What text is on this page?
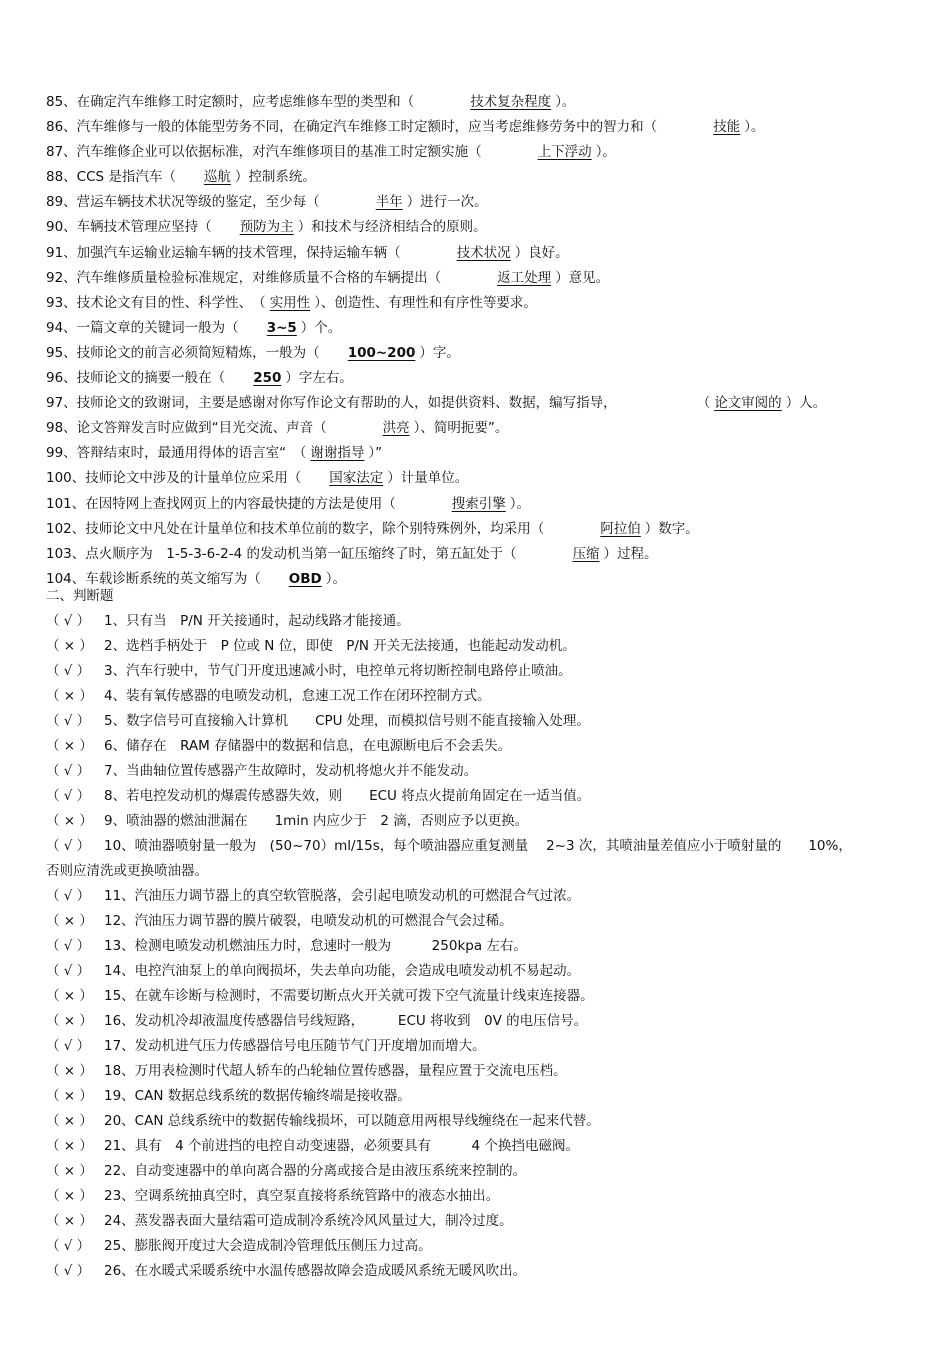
85、在确定汽车维修工时定额时，应考虑维修车型的类型和（	技术复杂程度 ）。
86、汽车维修与一般的体能型劳务不同，在确定汽车维修工时定额时，应当考虑维修劳务中的智力和（	技能 ）。
87、汽车维修企业可以依据标准，对汽车维修项目的基准工时定额实施（	上下浮动 ）。
88、CCS 是指汽车（ 巡航 ）控制系统。
89、营运车辆技术状况等级的鉴定，至少每（	半年 ）进行一次。
90、车辆技术管理应坚持（ 预防为主 ）和技术与经济相结合的原则。
91、加强汽车运输业运输车辆的技术管理，保持运输车辆（	技术状况 ）良好。
92、汽车维修质量检验标准规定，对维修质量不合格的车辆提出（	返工处理 ）意见。
93、技术论文有目的性、科学性、　（ 实用性 ）、创造性、有理性和有序性等要求。
94、一篇文章的关键词一般为（ 3~5 ）个。
95、技师论文的前言必须简短精炼，一般为（ 100~200 ）字。
96、技师论文的摘要一般在（ 250 ）字左右。
97、技师论文的致谢词，主要是感谢对你写作论文有帮助的人，如提供资料、数据，编写指导，	（ 论文审阅的 ）人。
98、论文答辩发言时应做到“目光交流、声音（	洪亮 ）、简明扼要”。
99、答辩结束时，最通用得体的语言室“　（ 谢谢指导 ）”
100、技师论文中涉及的计量单位应采用（ 国家法定 ）计量单位。
101、在因特网上查找网页上的内容最快捷的方法是使用（	搜索引擎 ）。
102、技师论文中凡处在计量单位和技术单位前的数字，除个别特殊例外，均采用（	阿拉伯 ）数字。
103、点火顺序为　1-5-3-6-2-4 的发动机当第一缸压缩终了时，第五缸处于（	压缩 ）过程。
104、车载诊断系统的英文缩写为（ OBD ）。
二、判断题
（ √ ） 1、只有当　P/N 开关接通时，起动线路才能接通。
（ × ） 2、选档手柄处于　P 位或 N 位，即使　P/N 开关无法接通，也能起动发动机。
（ √ ） 3、汽车行驶中，节气门开度迅速减小时，电控单元将切断控制电路停止喷油。
（ × ） 4、装有氧传感器的电喷发动机，怠速工况工作在闭环控制方式。
（ √ ） 5、数字信号可直接输入计算机　　CPU 处理，而模拟信号则不能直接输入处理。
（ × ） 6、储存在　RAM 存储器中的数据和信息，在电源断电后不会丢失。
（ √ ） 7、当曲轴位置传感器产生故障时，发动机将熄火并不能发动。
（ √ ） 8、若电控发动机的爆震传感器失效，则　　ECU 将点火提前角固定在一适当值。
（ × ） 9、喷油器的燃油泄漏在　　1min 内应少于　2 滴，否则应予以更换。
（ √ ） 10、喷油器喷射量一般为　(50~70）ml/15s，每个喷油器应重复测量　 2~3 次，其喷油量差值应小于喷射量的　　10%，
否则应清洗或更换喷油器。
（ √ ） 11、汽油压力调节器上的真空软管脱落，会引起电喷发动机的可燃混合气过浓。
（ × ） 12、汽油压力调节器的膜片破裂，电喷发动机的可燃混合气会过稀。
（ √ ） 13、检测电喷发动机燃油压力时，怠速时一般为　　　250kpa 左右。
（ √ ） 14、电控汽油泵上的单向阀损坏，失去单向功能，会造成电喷发动机不易起动。
（ × ） 15、在就车诊断与检测时，不需要切断点火开关就可拨下空气流量计线束连接器。
（ × ） 16、发动机冷却液温度传感器信号线短路，　　　ECU 将收到　0V 的电压信号。
（ √ ） 17、发动机进气压力传感器信号电压随节气门开度增加而增大。
（ × ） 18、万用表检测时代超人轿车的凸轮轴位置传感器，量程应置于交流电压档。
（ × ） 19、CAN 数据总线系统的数据传输终端是接收器。
（ × ） 20、CAN 总线系统中的数据传输线损坏，可以随意用两根导线缠绕在一起来代替。
（ × ） 21、具有　4 个前进挡的电控自动变速器，必须要具有　　　4 个换挡电磁阀。
（ × ） 22、自动变速器中的单向离合器的分离或接合是由液压系统来控制的。
（ × ） 23、空调系统抽真空时，真空泵直接将系统管路中的液态水抽出。
（ × ） 24、蒸发器表面大量结霜可造成制冷系统冷风风量过大，制冷过度。
（ √ ） 25、膨胀阀开度过大会造成制冷管理低压侧压力过高。
（ √ ） 26、在水暖式采暖系统中水温传感器故障会造成暖风系统无暖风吹出。
